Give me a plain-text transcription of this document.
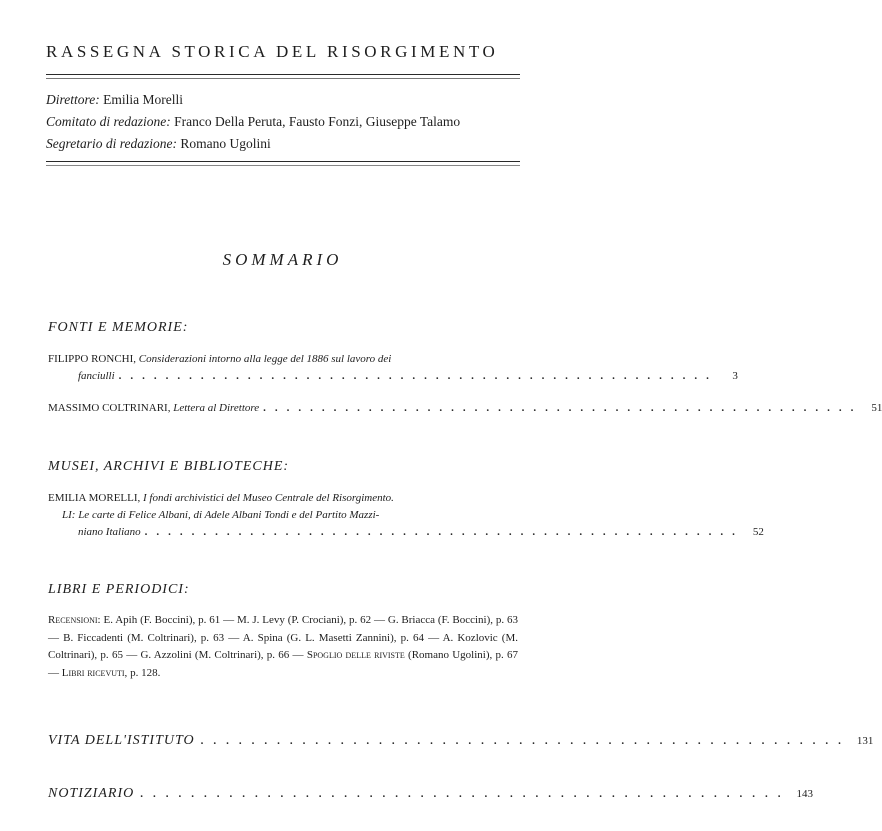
RASSEGNA STORICA DEL RISORGIMENTO
Direttore: Emilia Morelli
Comitato di redazione: Franco Della Peruta, Fausto Fonzi, Giuseppe Talamo
Segretario di redazione: Romano Ugolini
SOMMARIO
FONTI E MEMORIE:
FILIPPO RONCHI, Considerazioni intorno alla legge del 1886 sul lavoro dei
fanciulli ...................................................	3
MASSIMO COLTRINARI,
Lettera al Direttore ................................................... 51
MUSEI, ARCHIVI E BIBLIOTECHE:
EMILIA MORELLI, I fondi archivistici del Museo Centrale del Risorgimento.
LI: Le carte di Felice Albani, di Adele Albani Tondi e del Partito Mazzi-
niano Italiano ................................................... 52
LIBRI E PERIODICI:
Recensioni: E. Apih (F. Boccini), p. 61 — M. J. Levy (P. Crociani), p. 62 — G. Briacca (F. Boccini), p. 63 — B. Ficcadenti (M. Coltrinari), p. 63 — A. Spina (G. L. Masetti Zannini), p. 64 — A. Kozlovic (M. Coltrinari), p. 65 — G. Azzolini (M. Coltrinari), p. 66 — Spoglio delle riviste (Romano Ugolini), p. 67 — Libri ricevuti, p. 128.
VITA DELL'ISTITUTO ................................................... 131
NOTIZIARIO ................................................... 143
